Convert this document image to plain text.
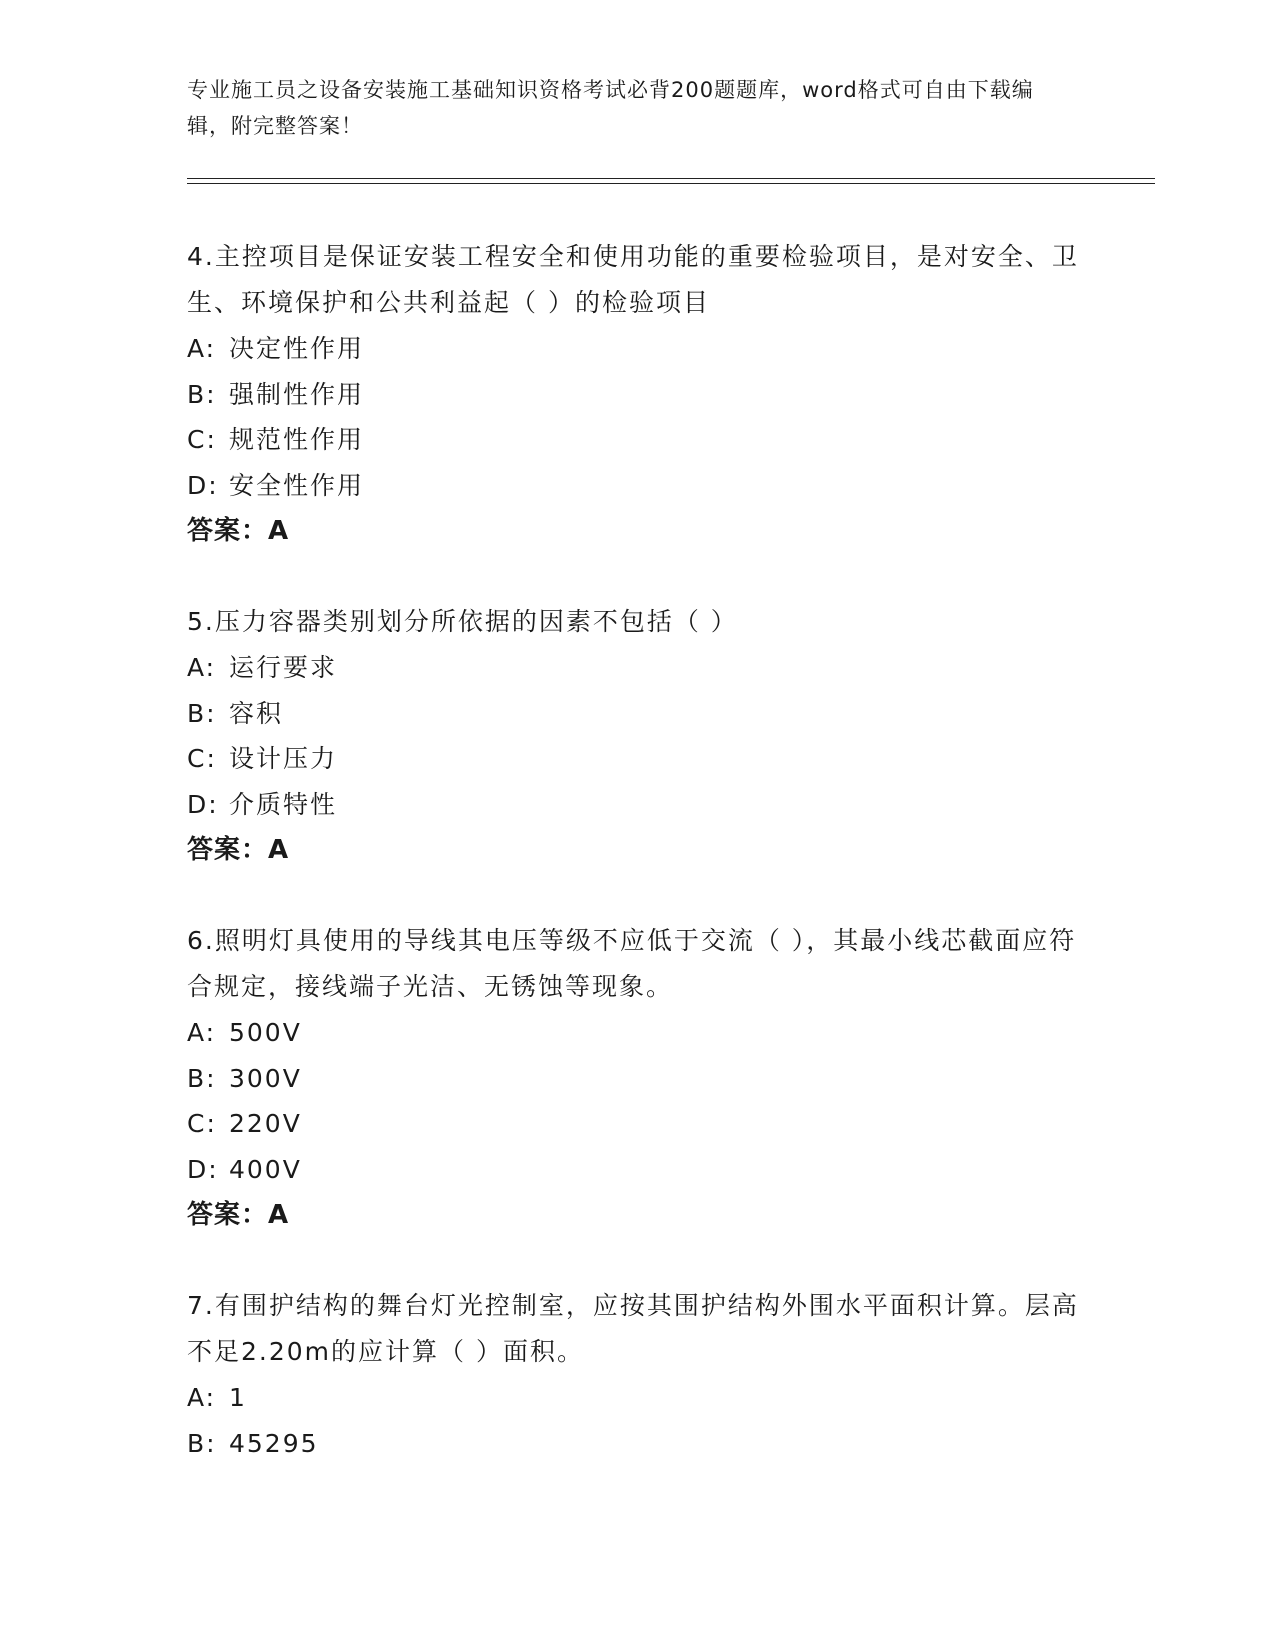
专业施工员之设备安装施工基础知识资格考试必背200题题库，word格式可自由下载编辑，附完整答案！

4.主控项目是保证安装工程安全和使用功能的重要检验项目，是对安全、卫生、环境保护和公共利益起（ ）的检验项目

A: 决定性作用

B: 强制性作用

C: 规范性作用

D: 安全性作用

答案：A

5.压力容器类别划分所依据的因素不包括（ ）

A: 运行要求

B: 容积

C: 设计压力

D: 介质特性

答案：A

6.照明灯具使用的导线其电压等级不应低于交流（ ），其最小线芯截面应符合规定，接线端子光洁、无锈蚀等现象。

A: 500V

B: 300V

C: 220V

D: 400V

答案：A

7.有围护结构的舞台灯光控制室，应按其围护结构外围水平面积计算。层高不足2.20m的应计算（ ）面积。

A: 1

B: 45295
